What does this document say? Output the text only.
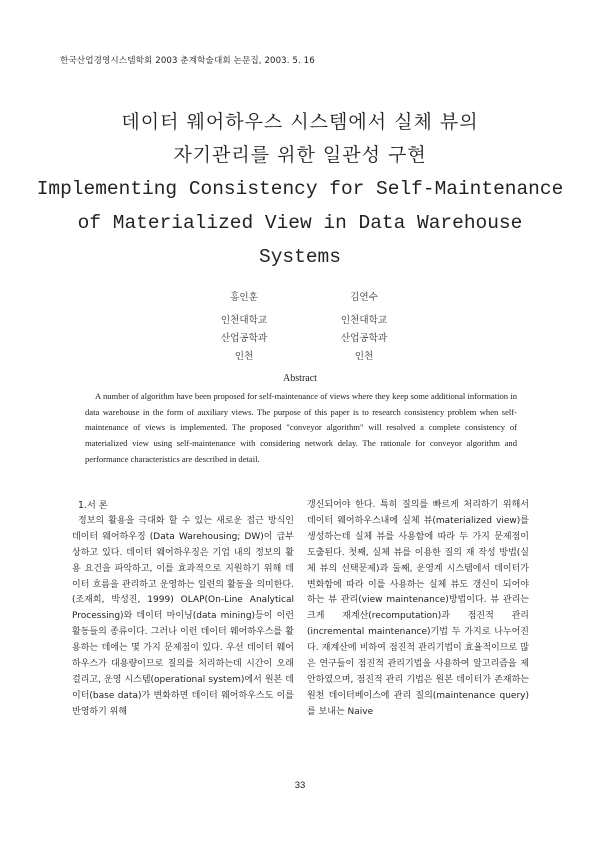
한국산업경영시스템학회 2003 춘계학술대회 논문집, 2003. 5. 16
데이터 웨어하우스 시스템에서 실체 뷰의
자기관리를 위한 일관성 구현
Implementing Consistency for Self-Maintenance
of Materialized View in Data Warehouse
Systems
홍인훈
인천대학교
산업공학과
인천
김연수
인천대학교
산업공학과
인천
Abstract
A number of algorithm have been proposed for self-maintenance of views where they keep some additional information in data warehouse in the form of auxiliary views. The purpose of this paper is to research consistency problem when self-maintenance of views is implemented. The proposed "conveyor algorithm" will resolved a complete consistency of materialized view using self-maintenance with considering network delay. The rationale for conveyor algorithm and performance characteristics are described in detail.
1.서 론
정보의 활용을 극대화 할 수 있는 새로운 접근 방식인 데이터 웨어하우징 (Data Warehousing; DW)이 급부상하고 있다. 데이터 웨어하우징은 기업 내의 정보의 활용 요건을 파악하고, 이를 효과적으로 지원하기 위해 데이터 흐름을 관리하고 운영하는 일련의 활동을 의미한다.(조재희, 박성진, 1999) OLAP(On-Line Analytical Processing)와 데이터 마이닝(data mining)등이 이런 활동들의 종류이다. 그러나 이런 데이터 웨어하우스를 활용하는 데에는 몇 가지 문제점이 있다. 우선 데이터 웨어하우스가 대용량이므로 질의를 처리하는데 시간이 오래 걸리고, 운영 시스템(operational system)에서 원본 데이터(base data)가 변화하면 데이터 웨어하우스도 이를 반영하기 위해
갱신되어야 한다. 특히 질의를 빠르게 처리하기 위해서 데이터 웨어하우스내에 실체 뷰(materialized view)를 생성하는데 실체 뷰를 사용함에 따라 두 가지 문제점이 도출된다. 첫째, 실체 뷰를 이용한 질의 재 작성 방법(실체 뷰의 선택문제)과 둘째, 운영계 시스템에서 데이터가 변화함에 따라 이를 사용하는 실체 뷰도 갱신이 되어야 하는 뷰 관리(view maintenance)방법이다. 뷰 관리는 크게 재계산(recomputation)과 점진적 관리(incremental maintenance)기법 두 가지로 나누어진다. 재계산에 비하여 점진적 관리기법이 효율적이므로 많은 연구들이 점진적 관리기법을 사용하여 알고리즘을 제안하였으며, 점진적 관리 기법은 원본 데이터가 존재하는 원천 데이터베이스에 관리 질의(maintenance query)를 보내는 Naive
33
